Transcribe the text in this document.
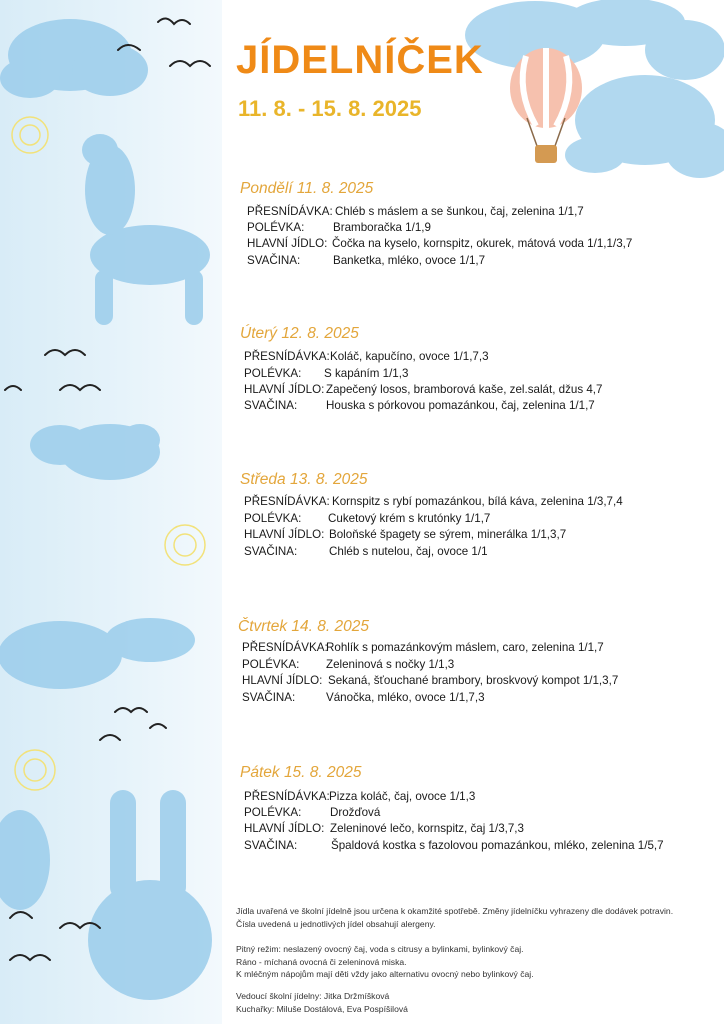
JÍDELNÍČEK
11. 8. - 15. 8. 2025
Pondělí 11. 8. 2025
PŘESNÍDÁVKA: Chléb s máslem a se šunkou, čaj, zelenina 1/1,7
POLÉVKA: Bramboračka 1/1,9
HLAVNÍ JÍDLO: Čočka na kyselo, kornspitz, okurek, mátová voda 1/1,1/3,7
SVAČINA:	Banketka, mléko, ovoce 1/1,7
Úterý 12. 8. 2025
PŘESNÍDÁVKA:Koláč, kapučíno, ovoce 1/1,7,3
POLÉVKA: S kapáním 1/1,3
HLAVNÍ JÍDLO: Zapečený losos, bramborová kaše, zel.salát, džus 4,7
SVAČINA: Houska s pórkovou pomazánkou, čaj, zelenina 1/1,7
Středa 13. 8. 2025
PŘESNÍDÁVKA: Kornspitz s rybí pomazánkou, bílá káva, zelenina 1/3,7,4
POLÉVKA: Cuketový krém s krutónky 1/1,7
HLAVNÍ JÍDLO: Boloňské špagety se sýrem, minerálka 1/1,3,7
SVAČINA:	Chléb s nutelou, čaj, ovoce 1/1
Čtvrtek 14. 8. 2025
PŘESNÍDÁVKA:Rohlík s pomazánkovým máslem, caro, zelenina 1/1,7
POLÉVKA: Zeleninová s nočky 1/1,3
HLAVNÍ JÍDLO: Sekaná, šťouchané brambory, broskvový kompot 1/1,3,7
SVAČINA:	Vánočka, mléko, ovoce 1/1,7,3
Pátek 15. 8. 2025
PŘESNÍDÁVKA:Pizza koláč, čaj, ovoce 1/1,3
POLÉVKA: Drožďová
HLAVNÍ JÍDLO: Zeleninové lečo, kornspitz, čaj 1/3,7,3
SVAČINA:	Špaldová kostka s fazolovou pomazánkou, mléko, zelenina 1/5,7
Jídla uvařená ve školní jídelně jsou určena k okamžité spotřebě. Změny jídelníčku vyhrazeny dle dodávek potravin.
Čísla uvedená u jednotlivých jídel obsahují alergeny.
Pitný režim: neslazený ovocný čaj, voda s citrusy a bylinkami, bylinkový čaj.
Ráno - míchaná ovocná či zeleninová miska.
K mléčným nápojům mají děti vždy jako alternativu ovocný nebo bylinkový čaj.
Vedoucí školní jídelny: Jitka Držmíšková
Kuchařky: Miluše Dostálová, Eva Pospíšilová
